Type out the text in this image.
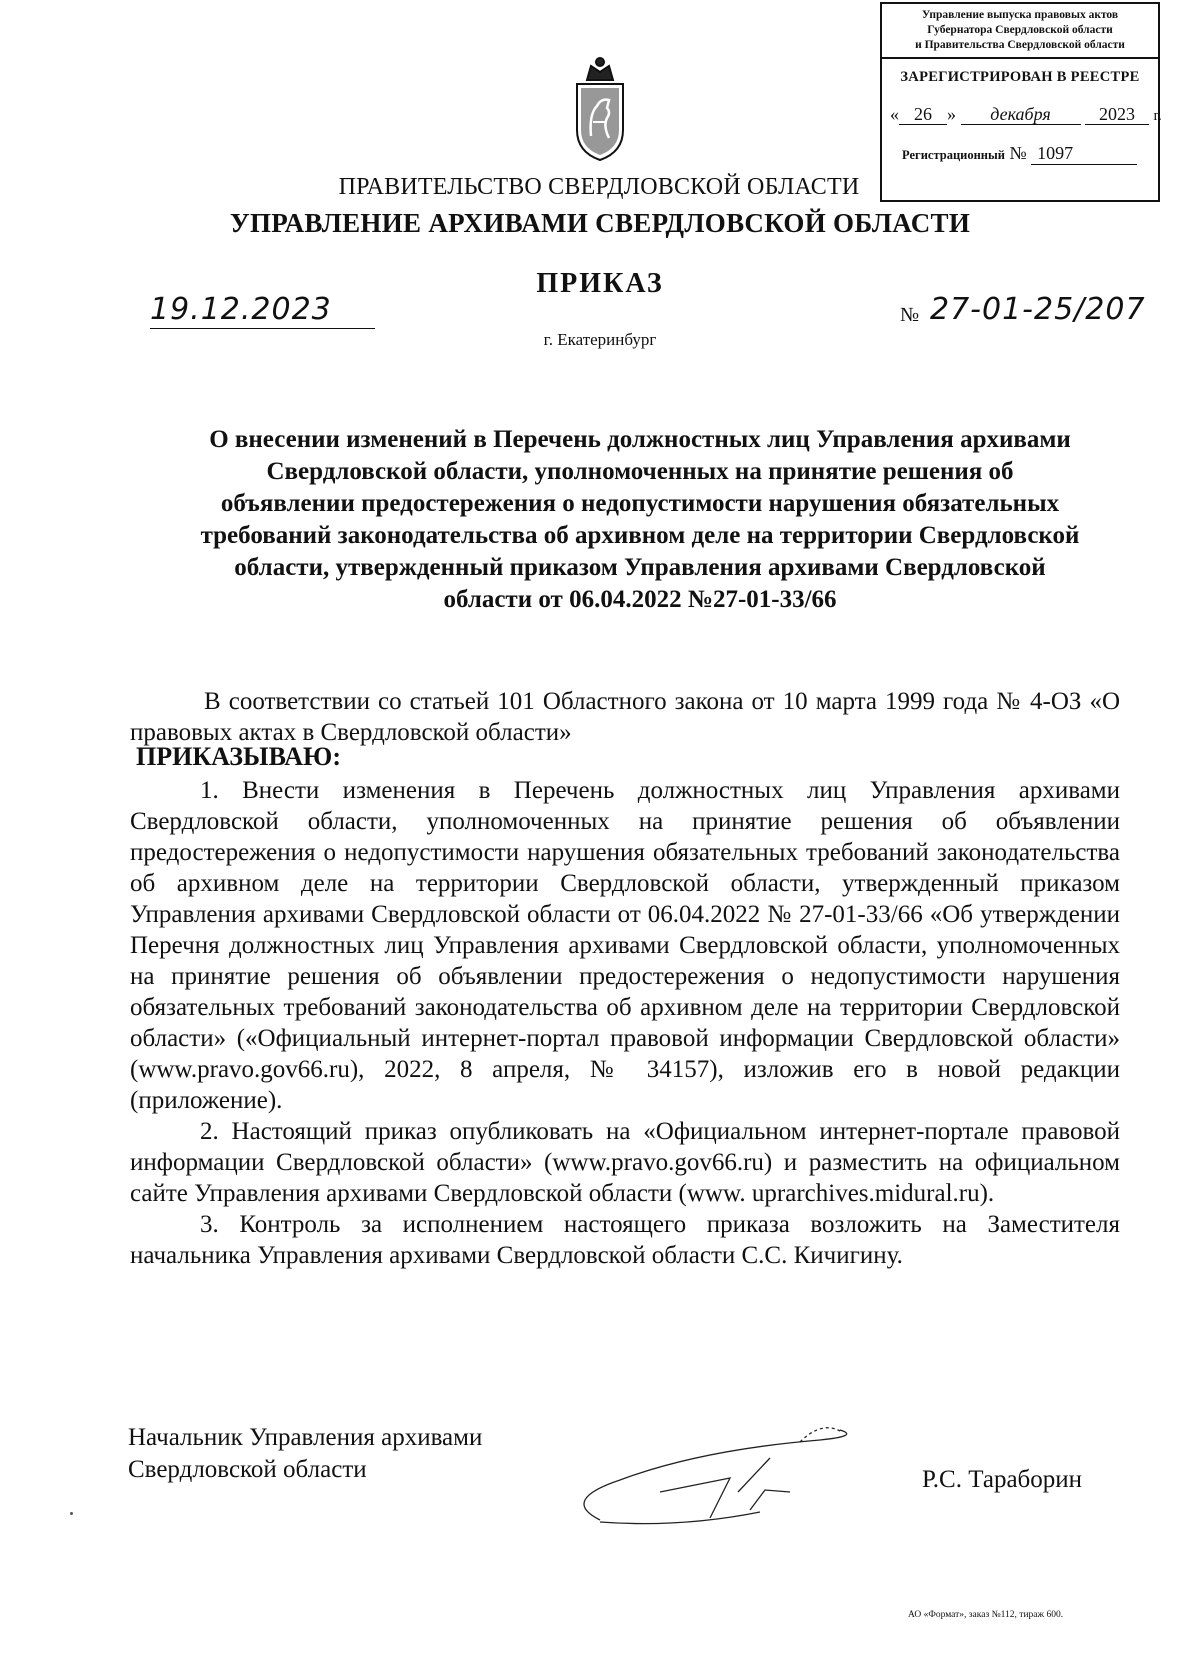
Управление выпуска правовых актов
Губернатора Свердловской области
и Правительства Свердловской области
ЗАРЕГИСТРИРОВАН В РЕЕСТРЕ
« 26 » декабря	2023 г.
Регистрационный № 1097
ПРАВИТЕЛЬСТВО СВЕРДЛОВСКОЙ ОБЛАСТИ
УПРАВЛЕНИЕ АРХИВАМИ СВЕРДЛОВСКОЙ ОБЛАСТИ
ПРИКАЗ
г. Екатеринбург
19.12.2023	№ 27-01-25/207
О внесении изменений в Перечень должностных лиц Управления архивами
Свердловской области, уполномоченных на принятие решения об
объявлении предостережения о недопустимости нарушения обязательных
требований законодательства об архивном деле на территории Свердловской
области, утвержденный приказом Управления архивами Свердловской
области от 06.04.2022 №27-01-33/66
В соответствии со статьей 101 Областного закона от 10 марта 1999 года № 4-ОЗ «О правовых актах в Свердловской области»
ПРИКАЗЫВАЮ:

1. Внести изменения в Перечень должностных лиц Управления архивами Свердловской области, уполномоченных на принятие решения об объявлении предостережения о недопустимости нарушения обязательных требований законодательства об архивном деле на территории Свердловской области, утвержденный приказом Управления архивами Свердловской области от 06.04.2022 № 27-01-33/66 «Об утверждении Перечня должностных лиц Управления архивами Свердловской области, уполномоченных на принятие решения об объявлении предостережения о недопустимости нарушения обязательных требований законодательства об архивном деле на территории Свердловской области» («Официальный интернет-портал правовой информации Свердловской области» (www.pravo.gov66.ru), 2022, 8 апреля, № 34157), изложив его в новой редакции (приложение).

2. Настоящий приказ опубликовать на «Официальном интернет-портале правовой информации Свердловской области» (www.pravo.gov66.ru) и разместить на официальном сайте Управления архивами Свердловской области (www. uprarchives.midural.ru).

3. Контроль за исполнением настоящего приказа возложить на Заместителя начальника Управления архивами Свердловской области С.С. Кичигину.

Начальник Управления архивами
Свердловской области	Р.С. Тараборин
АО «Формат», заказ №112, тираж 600.
